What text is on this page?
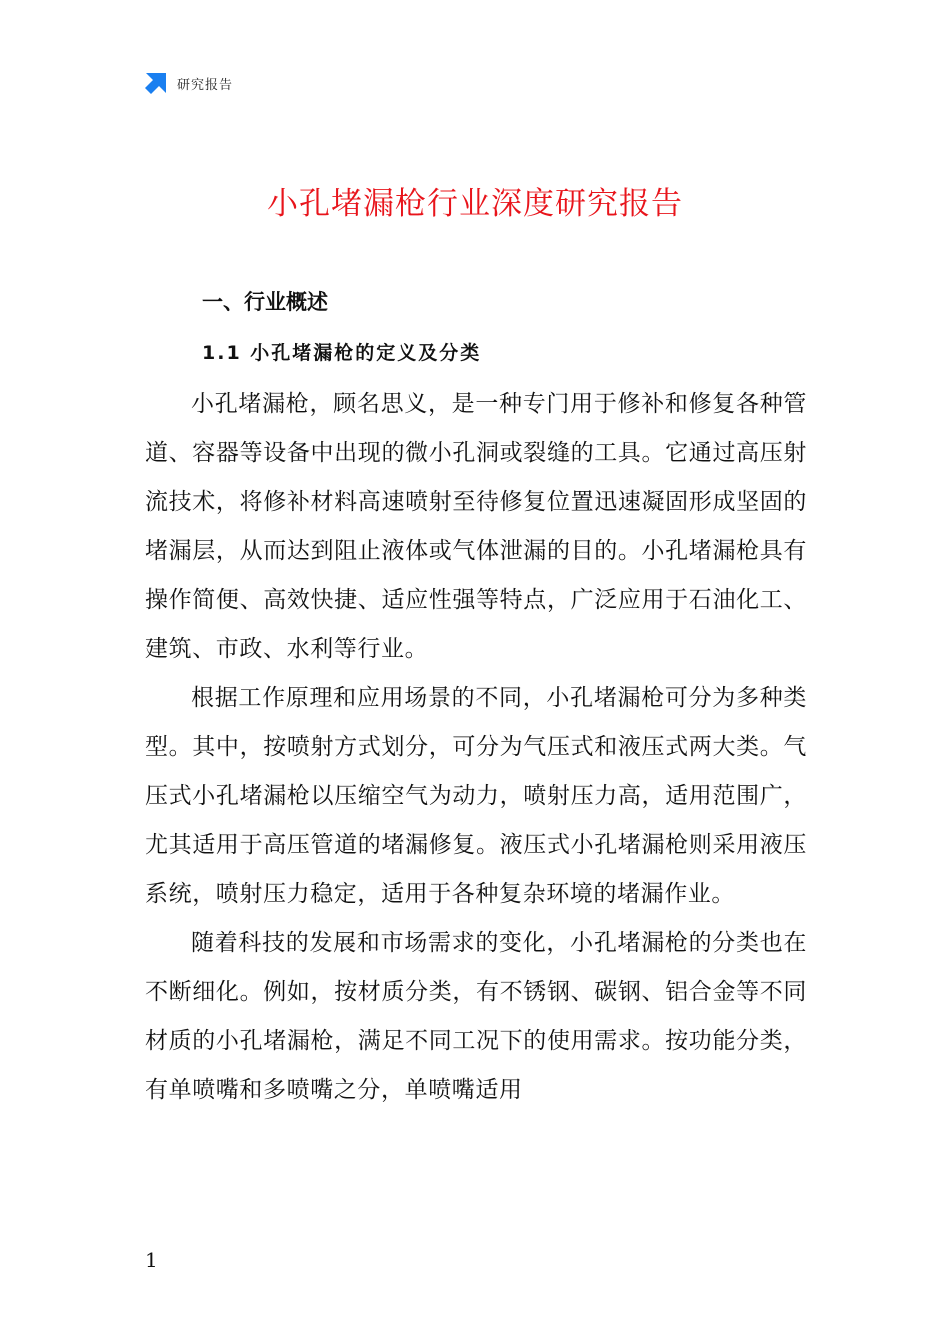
研究报告
小孔堵漏枪行业深度研究报告
一、行业概述
1.1 小孔堵漏枪的定义及分类

小孔堵漏枪，顾名思义，是一种专门用于修补和修复各种管道、容器等设备中出现的微小孔洞或裂缝的工具。它通过高压射流技术，将修补材料高速喷射至待修复位置迅速凝固形成坚固的堵漏层，从而达到阻止液体或气体泄漏的目的。小孔堵漏枪具有操作简便、高效快捷、适应性强等特点，广泛应用于石油化工、建筑、市政、水利等行业。

根据工作原理和应用场景的不同，小孔堵漏枪可分为多种类型。其中，按喷射方式划分，可分为气压式和液压式两大类。气压式小孔堵漏枪以压缩空气为动力，喷射压力高，适用范围广，尤其适用于高压管道的堵漏修复。液压式小孔堵漏枪则采用液压系统，喷射压力稳定，适用于各种复杂环境的堵漏作业。

随着科技的发展和市场需求的变化，小孔堵漏枪的分类也在不断细化。例如，按材质分类，有不锈钢、碳钢、铝合金等不同材质的小孔堵漏枪，满足不同工况下的使用需求。按功能分类，有单喷嘴和多喷嘴之分，单喷嘴适用

1
